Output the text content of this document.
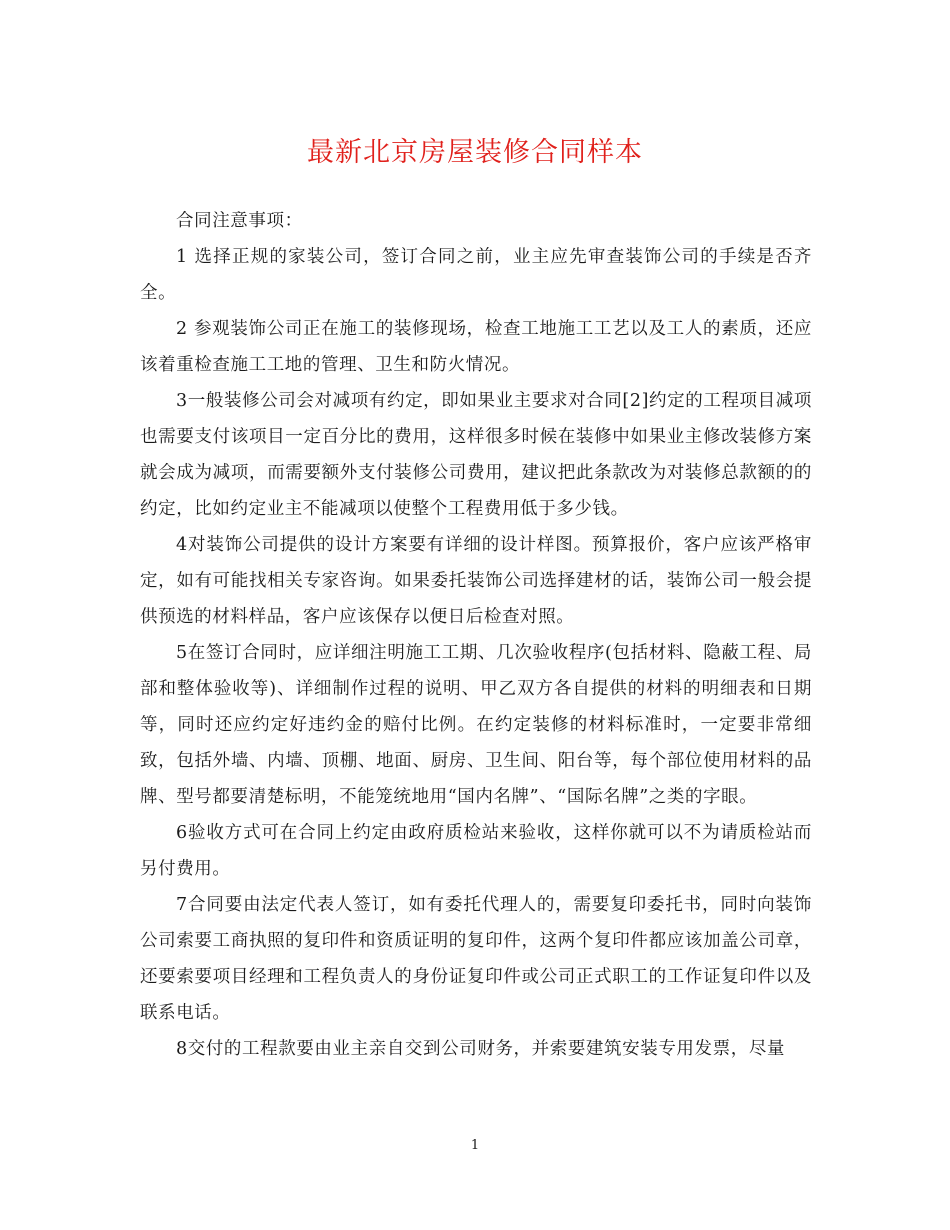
最新北京房屋装修合同样本

合同注意事项：

1 选择正规的家装公司，签订合同之前，业主应先审查装饰公司的手续是否齐全。

2 参观装饰公司正在施工的装修现场，检查工地施工工艺以及工人的素质，还应该着重检查施工工地的管理、卫生和防火情况。

3一般装修公司会对减项有约定，即如果业主要求对合同[2]约定的工程项目减项也需要支付该项目一定百分比的费用，这样很多时候在装修中如果业主修改装修方案就会成为减项，而需要额外支付装修公司费用，建议把此条款改为对装修总款额的的约定，比如约定业主不能减项以使整个工程费用低于多少钱。

4对装饰公司提供的设计方案要有详细的设计样图。预算报价，客户应该严格审定，如有可能找相关专家咨询。如果委托装饰公司选择建材的话，装饰公司一般会提供预选的材料样品，客户应该保存以便日后检查对照。

5在签订合同时，应详细注明施工工期、几次验收程序(包括材料、隐蔽工程、局部和整体验收等)、详细制作过程的说明、甲乙双方各自提供的材料的明细表和日期等，同时还应约定好违约金的赔付比例。在约定装修的材料标准时，一定要非常细致，包括外墙、内墙、顶棚、地面、厨房、卫生间、阳台等，每个部位使用材料的品牌、型号都要清楚标明，不能笼统地用“国内名牌”、“国际名牌”之类的字眼。

6验收方式可在合同上约定由政府质检站来验收，这样你就可以不为请质检站而另付费用。

7合同要由法定代表人签订，如有委托代理人的，需要复印委托书，同时向装饰公司索要工商执照的复印件和资质证明的复印件，这两个复印件都应该加盖公司章，还要索要项目经理和工程负责人的身份证复印件或公司正式职工的工作证复印件以及联系电话。

8交付的工程款要由业主亲自交到公司财务，并索要建筑安装专用发票，尽量

1
